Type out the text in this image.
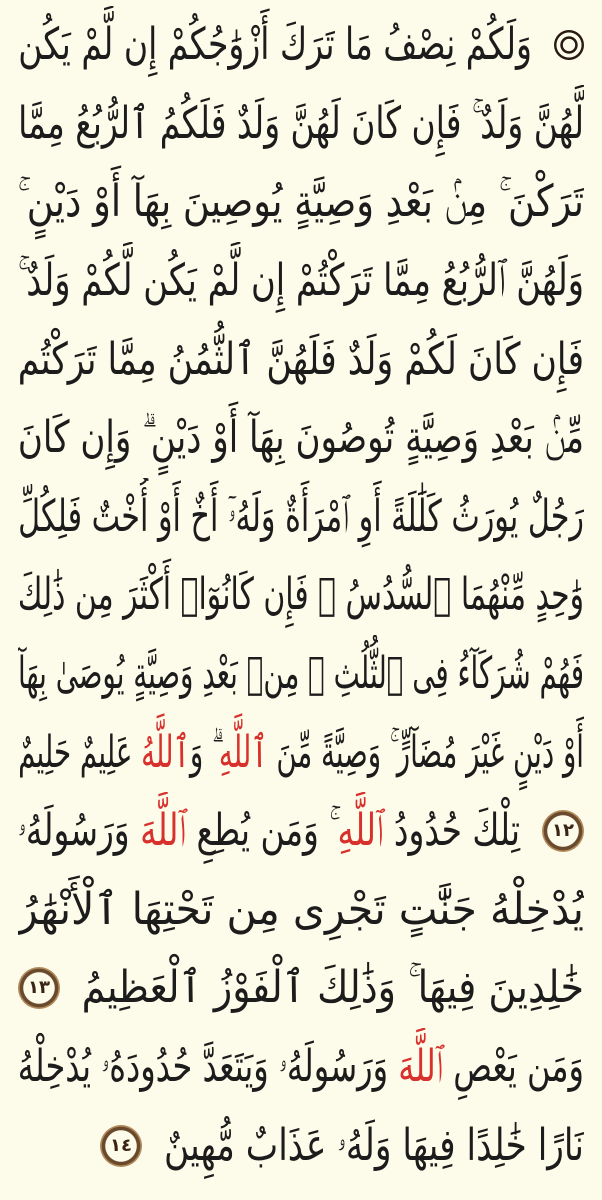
وَلَكُمْ نِصْفُ مَا تَرَكَ أَزْوَٰجُكُمْ إِن لَّمْ يَكُن
لَّهُنَّ وَلَدٌ ۚ فَإِن كَانَ لَهُنَّ وَلَدٌ فَلَكُمُ ٱلرُّبُعُ مِمَّا
تَرَكْنَ ۚ مِنۢ بَعْدِ وَصِيَّةٍ يُوصِينَ بِهَآ أَوْ دَيْنٍ ۚ
وَلَهُنَّ ٱلرُّبُعُ مِمَّا تَرَكْتُمْ إِن لَّمْ يَكُن لَّكُمْ وَلَدٌ ۚ
فَإِن كَانَ لَكُمْ وَلَدٌ فَلَهُنَّ ٱلثُّمُنُ مِمَّا تَرَكْتُم
مِّنۢ بَعْدِ وَصِيَّةٍ تُوصُونَ بِهَآ أَوْ دَيْنٍ ۗ وَإِن كَانَ
رَجُلٌ يُورَثُ كَلَٰلَةً أَوِ ٱمْرَأَةٌ وَلَهُۥٓ أَخٌ أَوْ أُخْتٌ فَلِكُلِّ
وَٰحِدٍ مِّنْهُمَا ٱلسُّدُسُ ۚ فَإِن كَانُوٓا۟ أَكْثَرَ مِن ذَٰلِكَ
فَهُمْ شُرَكَآءُ فِى ٱلثُّلُثِ ۚ مِنۢ بَعْدِ وَصِيَّةٍ يُوصَىٰ بِهَآ
أَوْ دَيْنٍ غَيْرَ مُضَآرٍّ ۚ وَصِيَّةً مِّنَ ٱللَّهِ ۗ وَٱللَّهُ عَلِيمٌ حَلِيمٌ
١٢
تِلْكَ حُدُودُ ٱللَّهِ ۚ وَمَن يُطِعِ ٱللَّهَ وَرَسُولَهُۥ
يُدْخِلْهُ جَنَّٰتٍ تَجْرِى مِن تَحْتِهَا ٱلْأَنْهَٰرُ
خَٰلِدِينَ فِيهَا ۚ وَذَٰلِكَ ٱلْفَوْزُ ٱلْعَظِيمُ
١٣
وَمَن يَعْصِ ٱللَّهَ وَرَسُولَهُۥ وَيَتَعَدَّ حُدُودَهُۥ يُدْخِلْهُ
نَارًا خَٰلِدًا فِيهَا وَلَهُۥ عَذَابٌ مُّهِينٌ
١٤
